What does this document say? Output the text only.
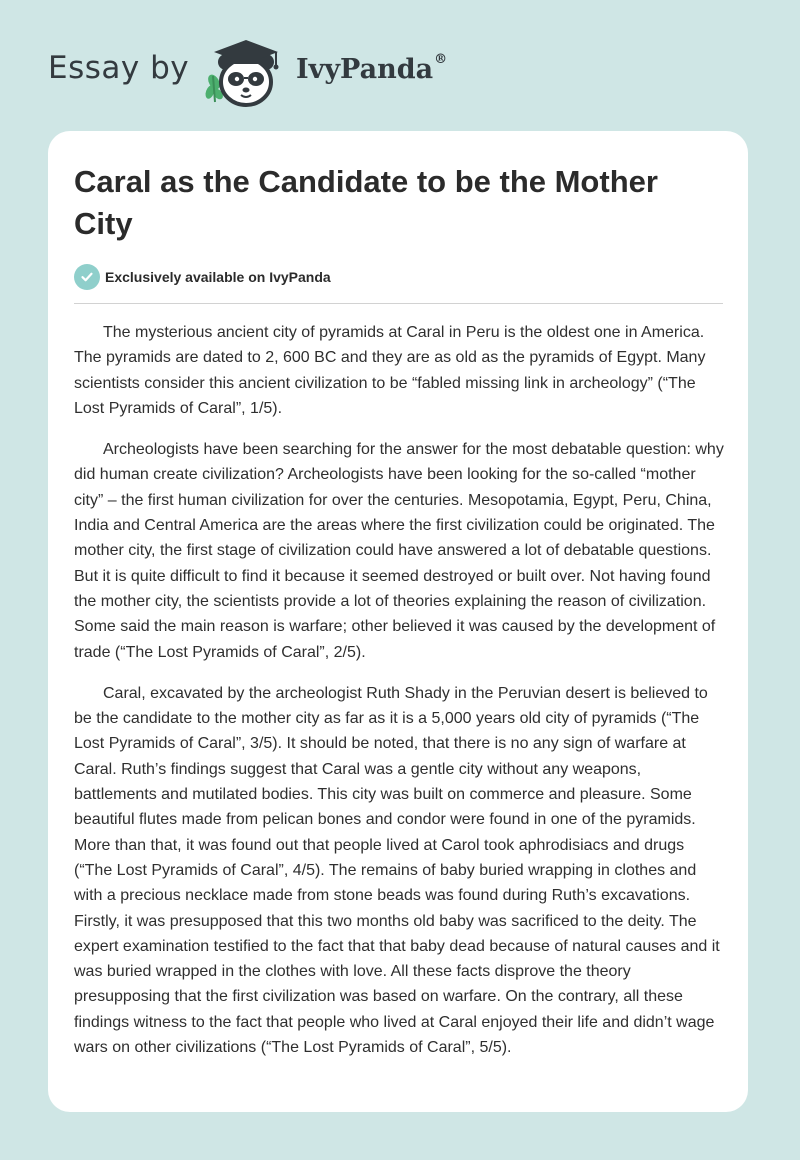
Essay by	IvyPanda®
Caral as the Candidate to be the Mother City
Exclusively available on IvyPanda

The mysterious ancient city of pyramids at Caral in Peru is the oldest one in America. The pyramids are dated to 2, 600 BC and they are as old as the pyramids of Egypt. Many scientists consider this ancient civilization to be “fabled missing link in archeology” (“The Lost Pyramids of Caral”, 1/5).

Archeologists have been searching for the answer for the most debatable question: why did human create civilization? Archeologists have been looking for the so-called “mother city” – the first human civilization for over the centuries. Mesopotamia, Egypt, Peru, China, India and Central America are the areas where the first civilization could be originated. The mother city, the first stage of civilization could have answered a lot of debatable questions. But it is quite difficult to find it because it seemed destroyed or built over. Not having found the mother city, the scientists provide a lot of theories explaining the reason of civilization. Some said the main reason is warfare; other believed it was caused by the development of trade (“The Lost Pyramids of Caral”, 2/5).

Caral, excavated by the archeologist Ruth Shady in the Peruvian desert is believed to be the candidate to the mother city as far as it is a 5,000 years old city of pyramids (“The Lost Pyramids of Caral”, 3/5). It should be noted, that there is no any sign of warfare at Caral. Ruth’s findings suggest that Caral was a gentle city without any weapons, battlements and mutilated bodies. This city was built on commerce and pleasure. Some beautiful flutes made from pelican bones and condor were found in one of the pyramids. More than that, it was found out that people lived at Carol took aphrodisiacs and drugs (“The Lost Pyramids of Caral”, 4/5). The remains of baby buried wrapping in clothes and with a precious necklace made from stone beads was found during Ruth’s excavations. Firstly, it was presupposed that this two months old baby was sacrificed to the deity. The expert examination testified to the fact that that baby dead because of natural causes and it was buried wrapped in the clothes with love. All these facts disprove the theory presupposing that the first civilization was based on warfare. On the contrary, all these findings witness to the fact that people who lived at Caral enjoyed their life and didn’t wage wars on other civilizations (“The Lost Pyramids of Caral”, 5/5).
